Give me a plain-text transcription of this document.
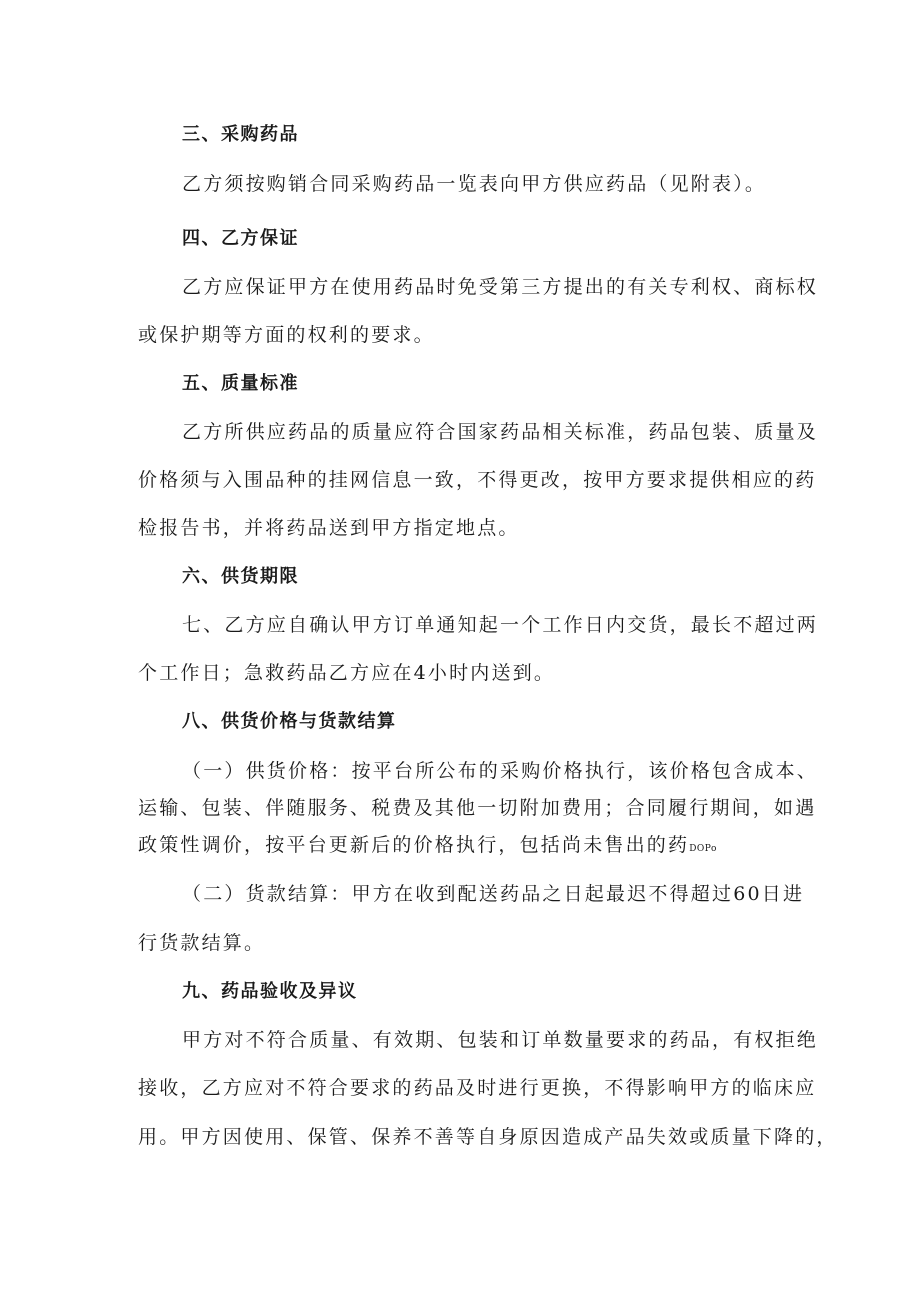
三、采购药品
乙方须按购销合同采购药品一览表向甲方供应药品（见附表）。
四、乙方保证
乙方应保证甲方在使用药品时免受第三方提出的有关专利权、商标权
或保护期等方面的权利的要求。
五、质量标准
乙方所供应药品的质量应符合国家药品相关标准，药品包装、质量及
价格须与入围品种的挂网信息一致，不得更改，按甲方要求提供相应的药
检报告书，并将药品送到甲方指定地点。
六、供货期限
七、乙方应自确认甲方订单通知起一个工作日内交货，最长不超过两
个工作日；急救药品乙方应在4小时内送到。
八、供货价格与货款结算
（一）供货价格：按平台所公布的采购价格执行，该价格包含成本、
运输、包装、伴随服务、税费及其他一切附加费用；合同履行期间，如遇
政策性调价，按平台更新后的价格执行，包括尚未售出的药DOPo
（二）货款结算：甲方在收到配送药品之日起最迟不得超过60日进
行货款结算。
九、药品验收及异议
甲方对不符合质量、有效期、包装和订单数量要求的药品，有权拒绝
接收，乙方应对不符合要求的药品及时进行更换，不得影响甲方的临床应
用。甲方因使用、保管、保养不善等自身原因造成产品失效或质量下降的，
